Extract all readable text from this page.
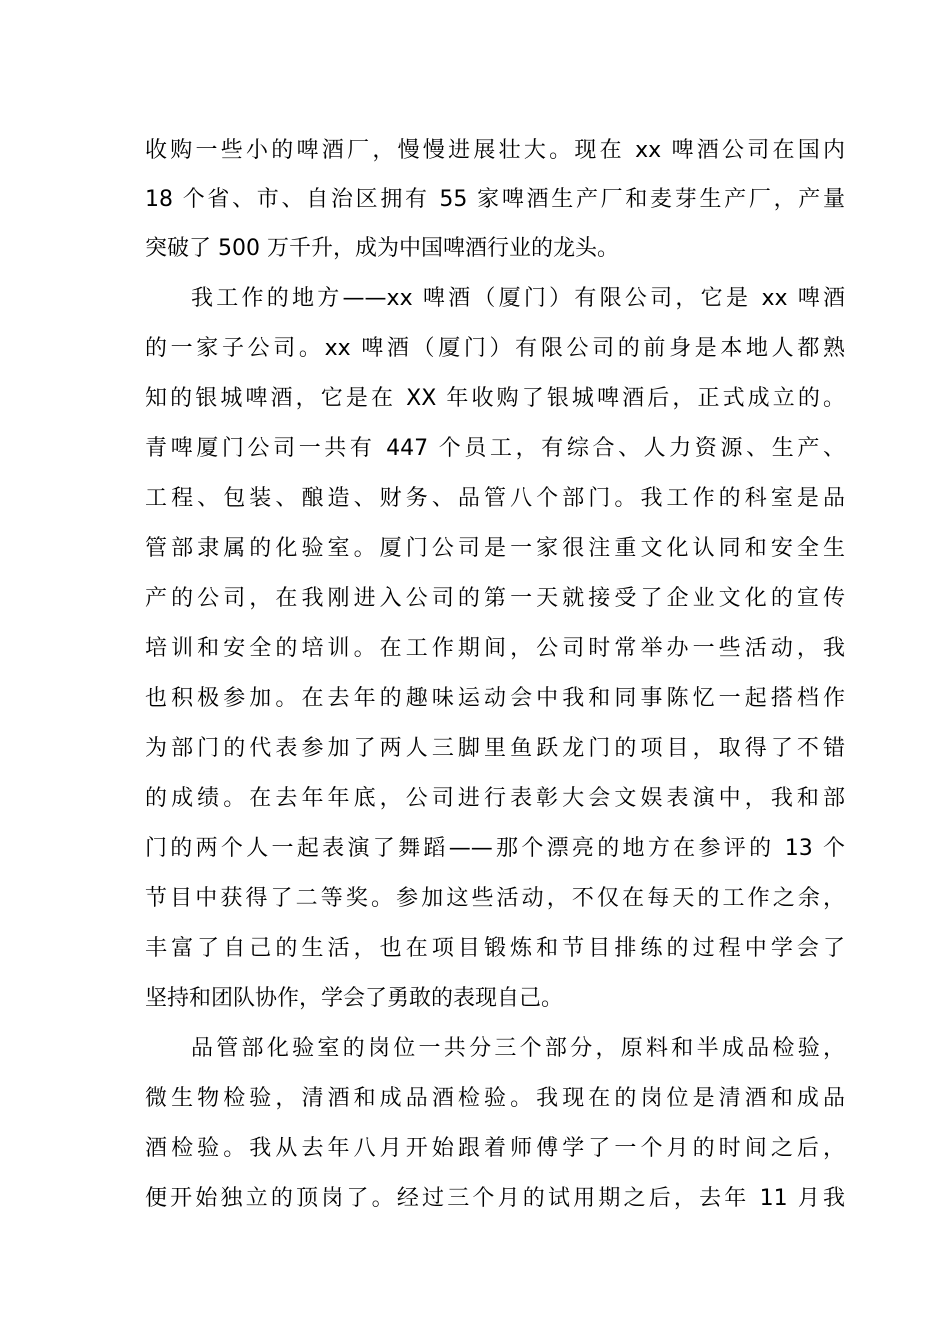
收购一些小的啤酒厂，慢慢进展壮大。现在 xx 啤酒公司在国内
18 个省、市、自治区拥有 55 家啤酒生产厂和麦芽生产厂，产量
突破了 500 万千升，成为中国啤酒行业的龙头。
我工作的地方——xx 啤酒（厦门）有限公司，它是 xx 啤酒
的一家子公司。xx 啤酒（厦门）有限公司的前身是本地人都熟
知的银城啤酒，它是在 XX 年收购了银城啤酒后，正式成立的。
青啤厦门公司一共有 447 个员工，有综合、人力资源、生产、
工程、包装、酿造、财务、品管八个部门。我工作的科室是品
管部隶属的化验室。厦门公司是一家很注重文化认同和安全生
产的公司，在我刚进入公司的第一天就接受了企业文化的宣传
培训和安全的培训。在工作期间，公司时常举办一些活动，我
也积极参加。在去年的趣味运动会中我和同事陈忆一起搭档作
为部门的代表参加了两人三脚里鱼跃龙门的项目，取得了不错
的成绩。在去年年底，公司进行表彰大会文娱表演中，我和部
门的两个人一起表演了舞蹈——那个漂亮的地方在参评的 13 个
节目中获得了二等奖。参加这些活动，不仅在每天的工作之余，
丰富了自己的生活，也在项目锻炼和节目排练的过程中学会了
坚持和团队协作，学会了勇敢的表现自己。
品管部化验室的岗位一共分三个部分，原料和半成品检验，
微生物检验，清酒和成品酒检验。我现在的岗位是清酒和成品
酒检验。我从去年八月开始跟着师傅学了一个月的时间之后，
便开始独立的顶岗了。经过三个月的试用期之后，去年 11 月我
